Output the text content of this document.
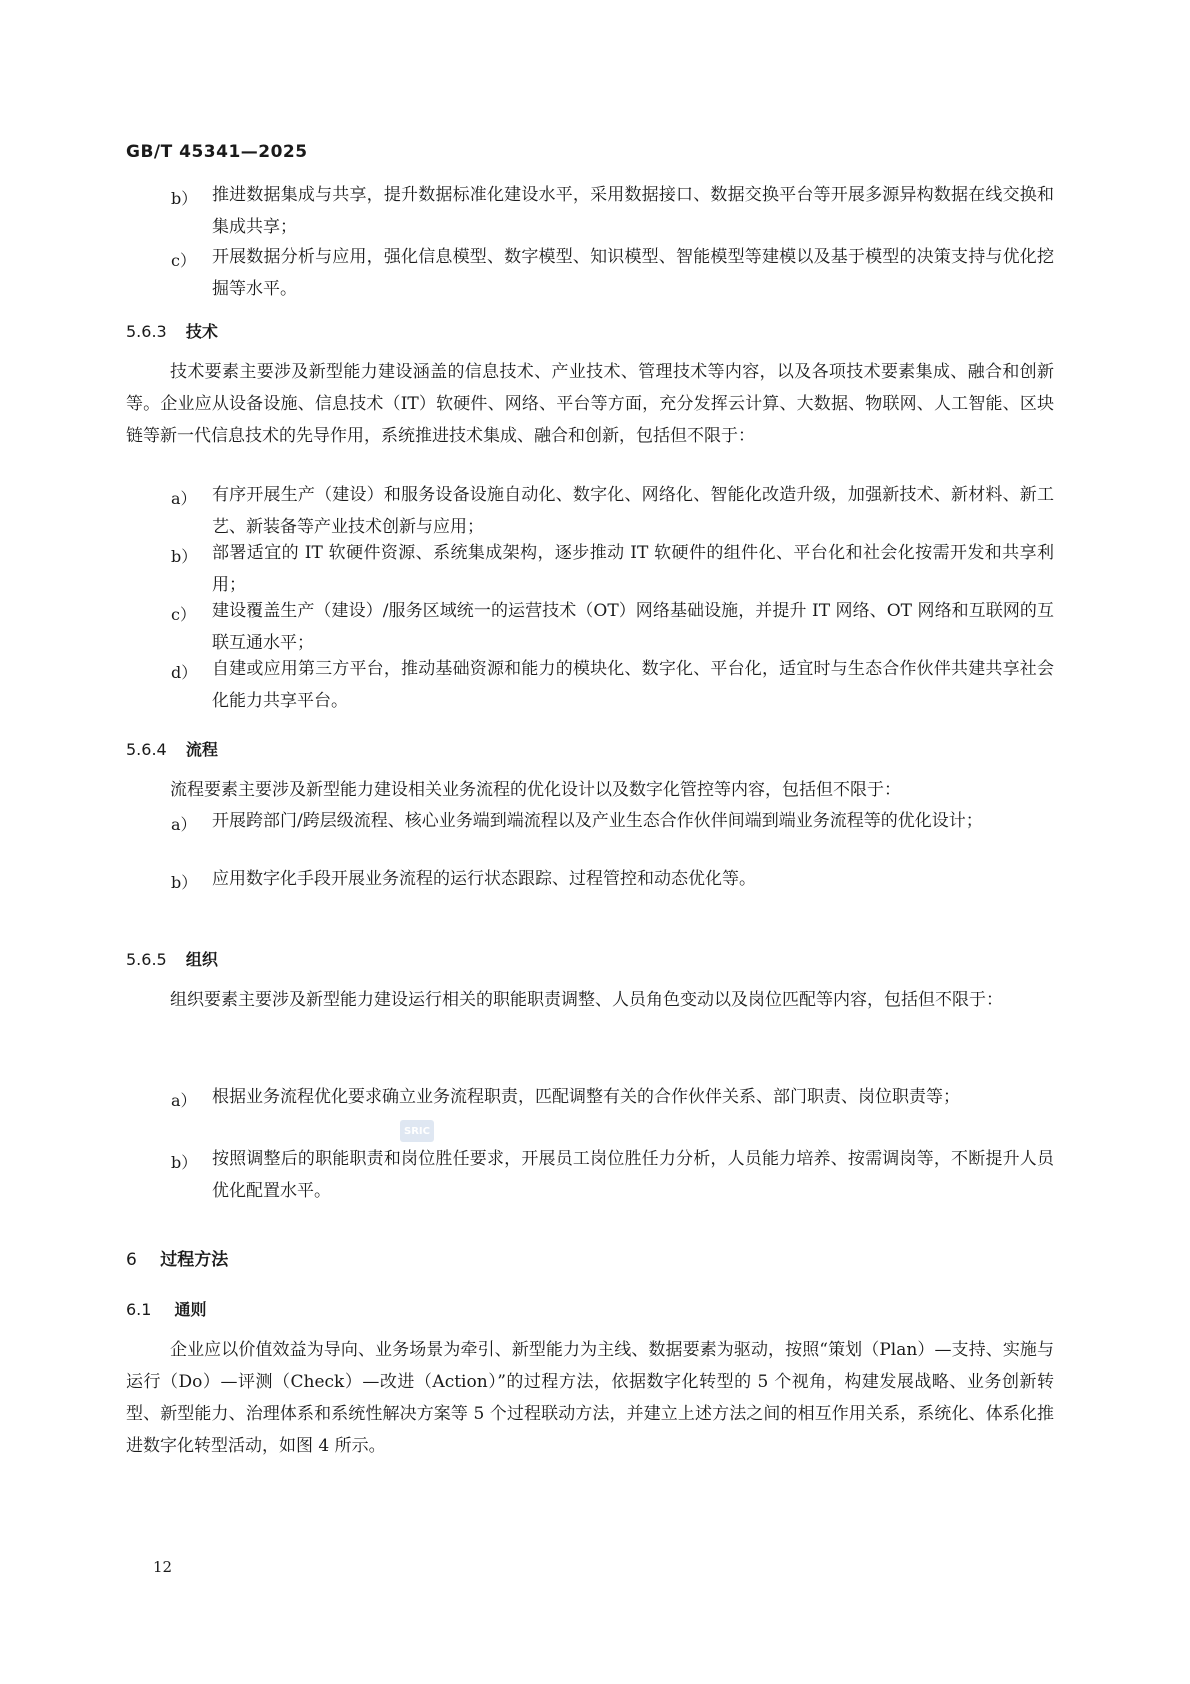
GB/T 45341—2025
b） 推进数据集成与共享，提升数据标准化建设水平，采用数据接口、数据交换平台等开展多源异构数据在线交换和集成共享；

c） 开展数据分析与应用，强化信息模型、数字模型、知识模型、智能模型等建模以及基于模型的决策支持与优化挖掘等水平。

5.6.3 技术

技术要素主要涉及新型能力建设涵盖的信息技术、产业技术、管理技术等内容，以及各项技术要素集成、融合和创新等。企业应从设备设施、信息技术（IT）软硬件、网络、平台等方面，充分发挥云计算、大数据、物联网、人工智能、区块链等新一代信息技术的先导作用，系统推进技术集成、融合和创新，包括但不限于：

a） 有序开展生产（建设）和服务设备设施自动化、数字化、网络化、智能化改造升级，加强新技术、新材料、新工艺、新装备等产业技术创新与应用；

b） 部署适宜的 IT 软硬件资源、系统集成架构，逐步推动 IT 软硬件的组件化、平台化和社会化按需开发和共享利用；

c） 建设覆盖生产（建设）/服务区域统一的运营技术（OT）网络基础设施，并提升 IT 网络、OT 网络和互联网的互联互通水平；

d） 自建或应用第三方平台，推动基础资源和能力的模块化、数字化、平台化，适宜时与生态合作伙伴共建共享社会化能力共享平台。

5.6.4 流程

流程要素主要涉及新型能力建设相关业务流程的优化设计以及数字化管控等内容，包括但不限于：

a） 开展跨部门/跨层级流程、核心业务端到端流程以及产业生态合作伙伴间端到端业务流程等的优化设计；

b） 应用数字化手段开展业务流程的运行状态跟踪、过程管控和动态优化等。

5.6.5 组织

组织要素主要涉及新型能力建设运行相关的职能职责调整、人员角色变动以及岗位匹配等内容，包括但不限于：

a） 根据业务流程优化要求确立业务流程职责，匹配调整有关的合作伙伴关系、部门职责、岗位职责等；

b） 按照调整后的职能职责和岗位胜任要求，开展员工岗位胜任力分析，人员能力培养、按需调岗等，不断提升人员优化配置水平。

SRIC
6 过程方法
6.1 通则

企业应以价值效益为导向、业务场景为牵引、新型能力为主线、数据要素为驱动，按照“策划（Plan）—支持、实施与运行（Do）—评测（Check）—改进（Action）”的过程方法，依据数字化转型的 5 个视角，构建发展战略、业务创新转型、新型能力、治理体系和系统性解决方案等 5 个过程联动方法，并建立上述方法之间的相互作用关系，系统化、体系化推进数字化转型活动，如图 4 所示。

12
